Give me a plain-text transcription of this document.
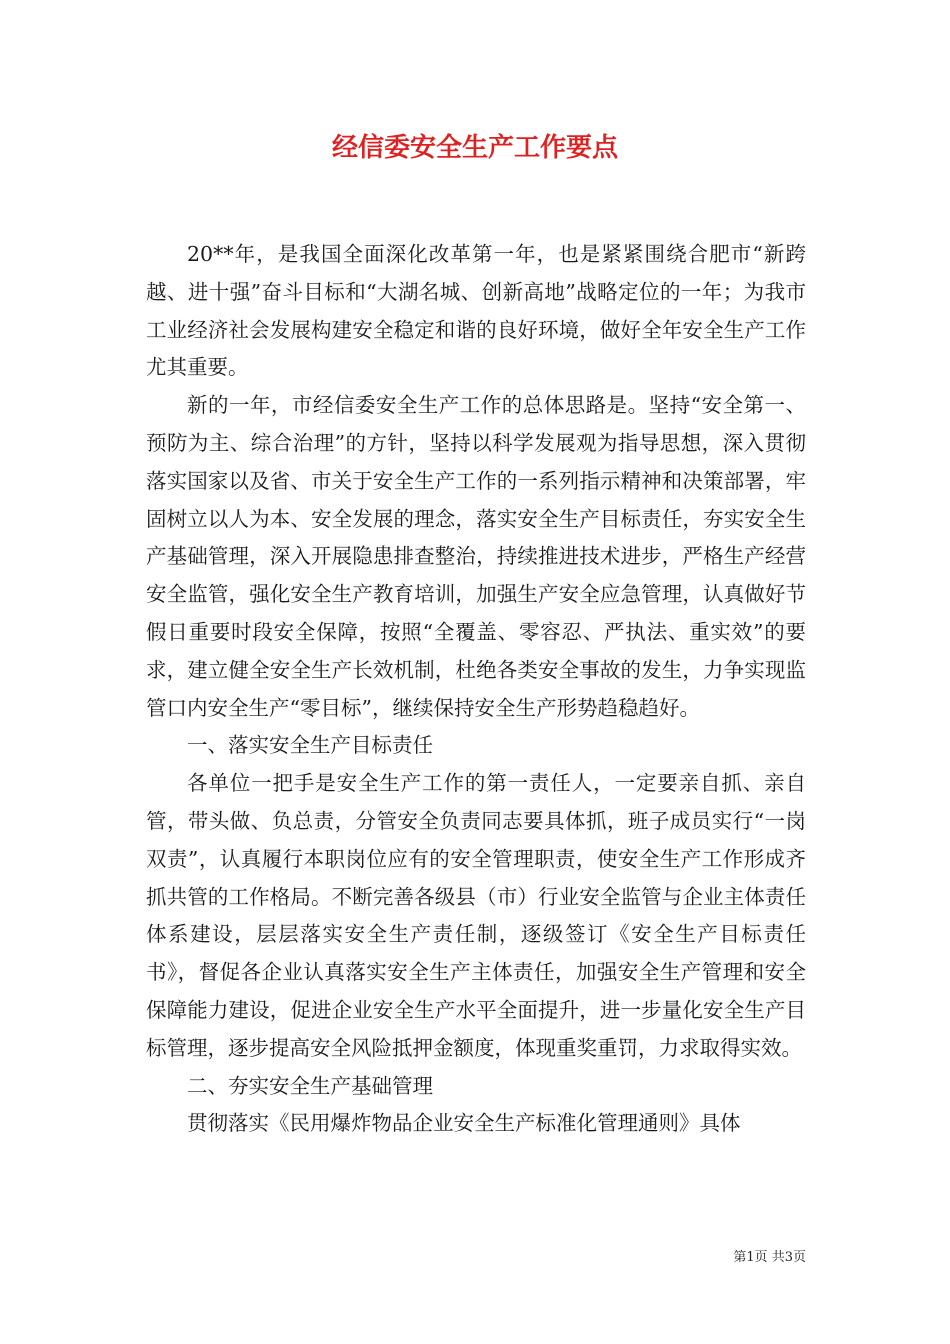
经信委安全生产工作要点

20**年，是我国全面深化改革第一年，也是紧紧围绕合肥市“新跨越、进十强”奋斗目标和“大湖名城、创新高地”战略定位的一年；为我市工业经济社会发展构建安全稳定和谐的良好环境，做好全年安全生产工作尤其重要。

新的一年，市经信委安全生产工作的总体思路是。坚持“安全第一、预防为主、综合治理”的方针，坚持以科学发展观为指导思想，深入贯彻落实国家以及省、市关于安全生产工作的一系列指示精神和决策部署，牢固树立以人为本、安全发展的理念，落实安全生产目标责任，夯实安全生产基础管理，深入开展隐患排查整治，持续推进技术进步，严格生产经营安全监管，强化安全生产教育培训，加强生产安全应急管理，认真做好节假日重要时段安全保障，按照“全覆盖、零容忍、严执法、重实效”的要求，建立健全安全生产长效机制，杜绝各类安全事故的发生，力争实现监管口内安全生产“零目标”，继续保持安全生产形势趋稳趋好。

一、落实安全生产目标责任

各单位一把手是安全生产工作的第一责任人，一定要亲自抓、亲自管，带头做、负总责，分管安全负责同志要具体抓，班子成员实行“一岗双责”，认真履行本职岗位应有的安全管理职责，使安全生产工作形成齐抓共管的工作格局。不断完善各级县（市）行业安全监管与企业主体责任体系建设，层层落实安全生产责任制，逐级签订《安全生产目标责任书》，督促各企业认真落实安全生产主体责任，加强安全生产管理和安全保障能力建设，促进企业安全生产水平全面提升，进一步量化安全生产目标管理，逐步提高安全风险抵押金额度，体现重奖重罚，力求取得实效。

二、夯实安全生产基础管理

贯彻落实《民用爆炸物品企业安全生产标准化管理通则》具体

第1页 共3页
